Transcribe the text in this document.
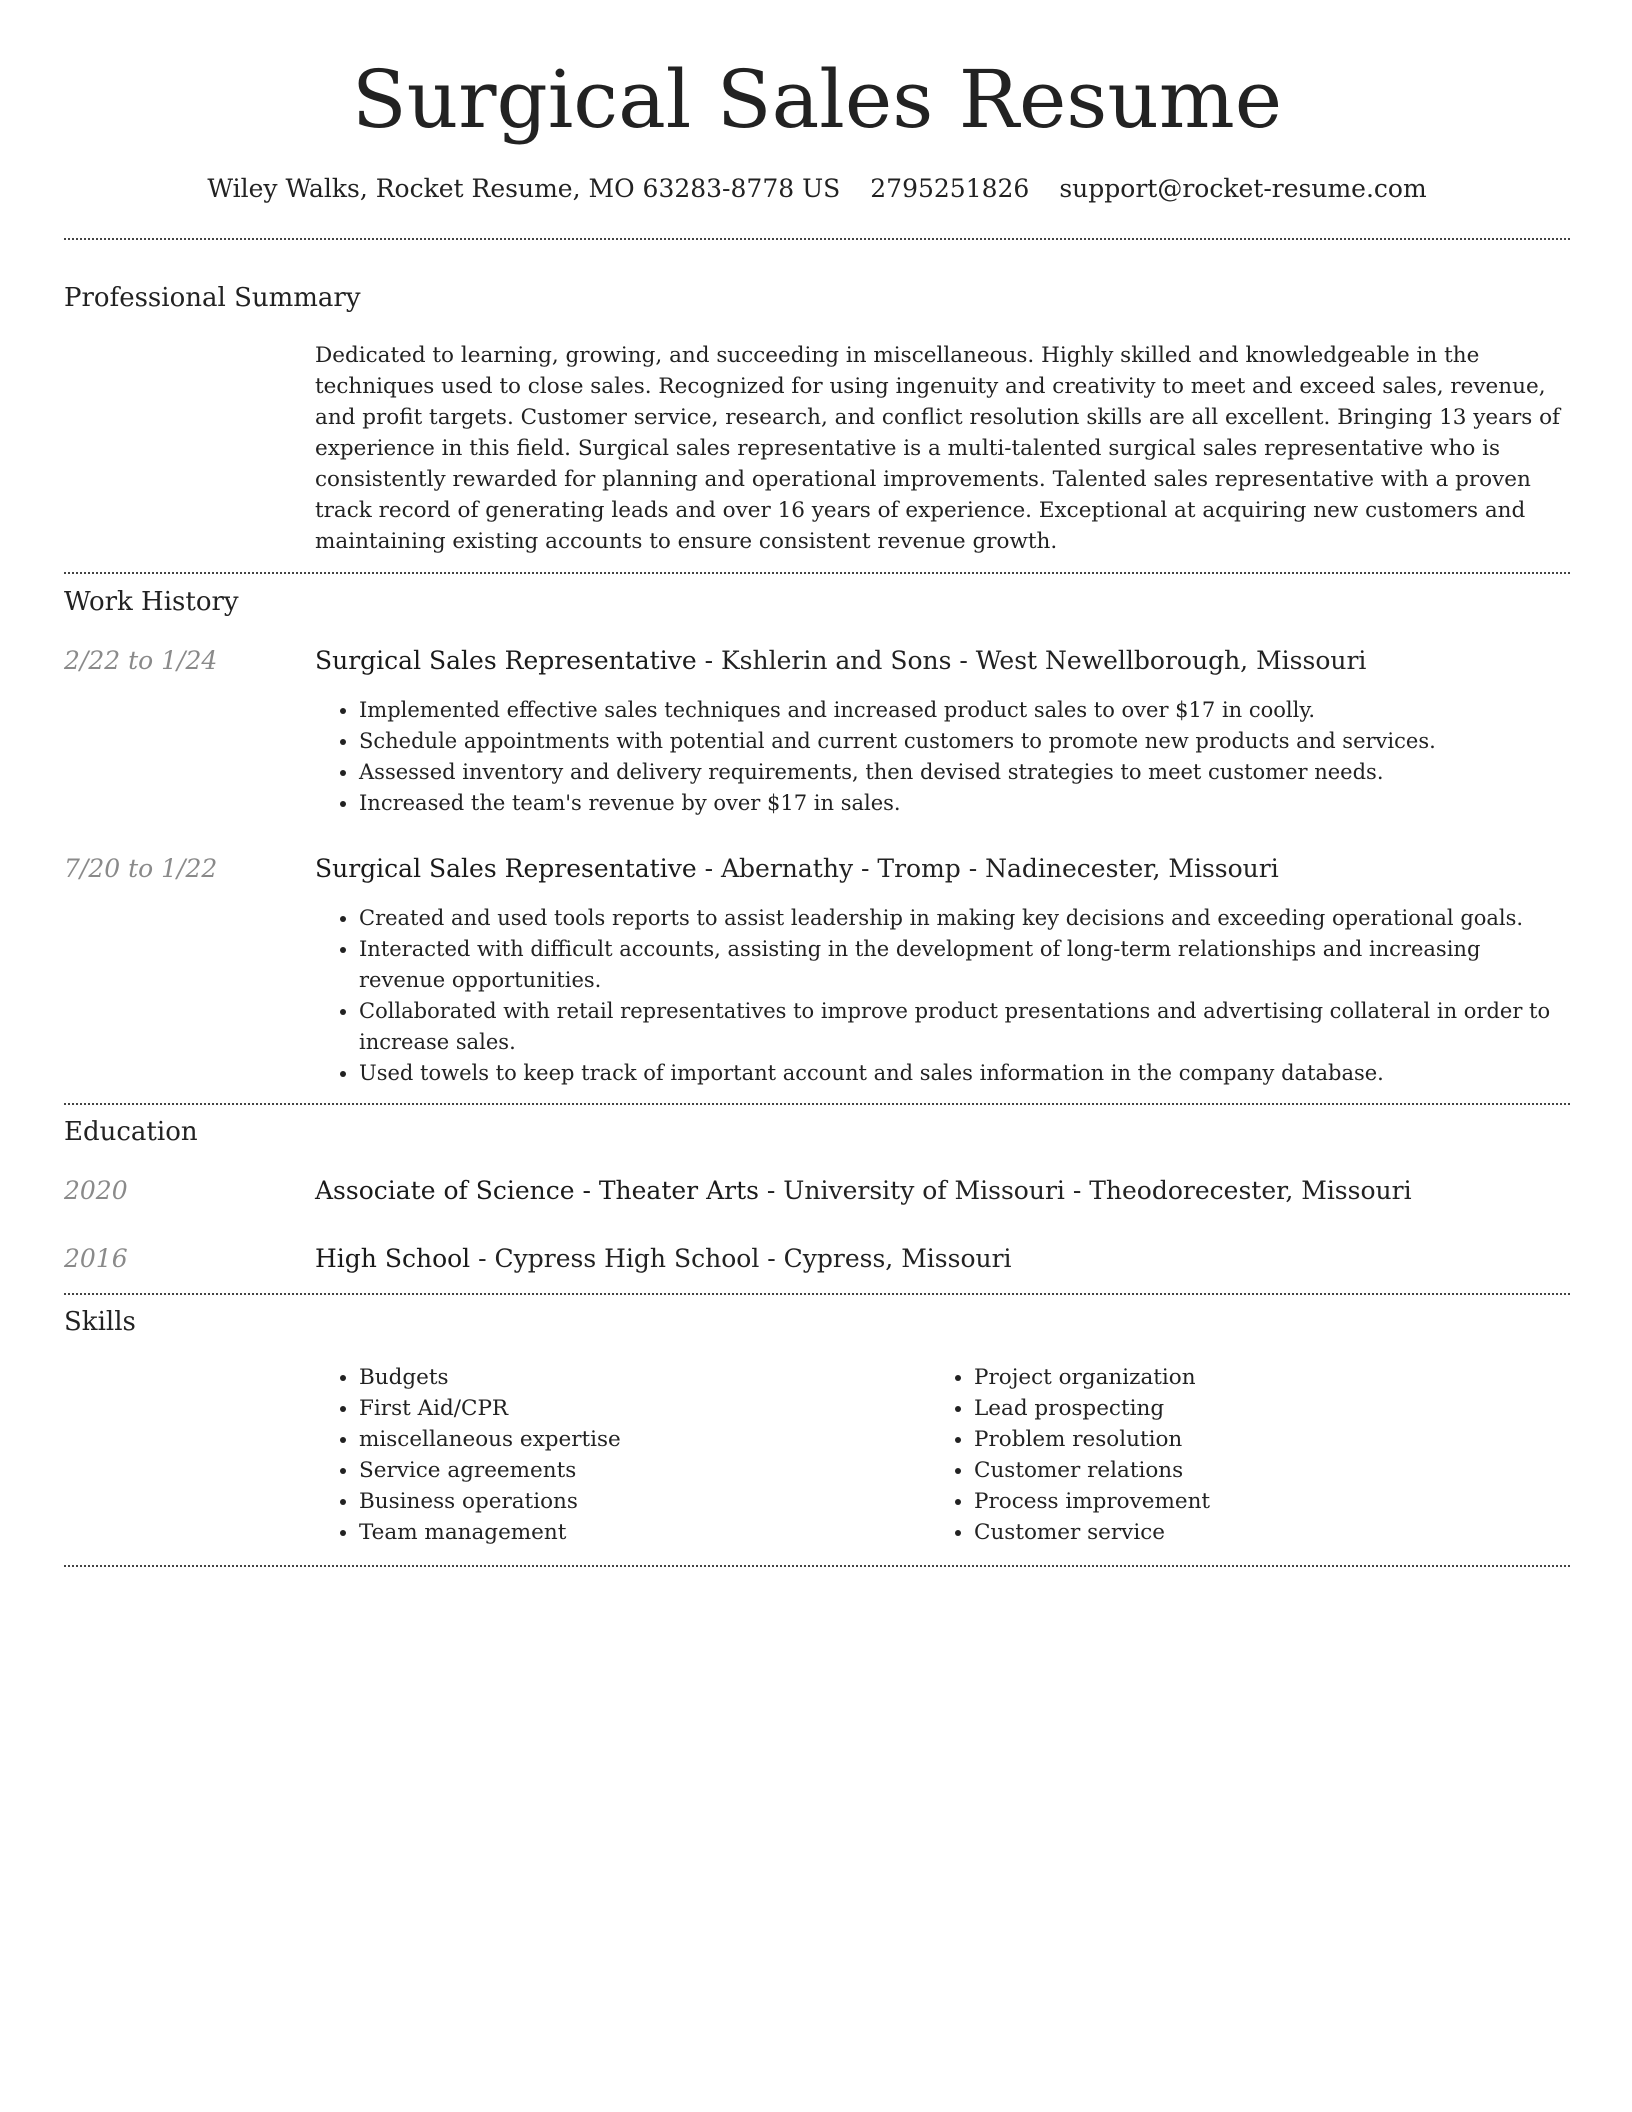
Surgical Sales Resume
Wiley Walks, Rocket Resume, MO 63283-8778 US 2795251826 support@rocket-resume.com
Professional Summary
Dedicated to learning, growing, and succeeding in miscellaneous. Highly skilled and knowledgeable in the techniques used to close sales. Recognized for using ingenuity and creativity to meet and exceed sales, revenue, and profit targets. Customer service, research, and conflict resolution skills are all excellent. Bringing 13 years of experience in this field. Surgical sales representative is a multi-talented surgical sales representative who is consistently rewarded for planning and operational improvements. Talented sales representative with a proven track record of generating leads and over 16 years of experience. Exceptional at acquiring new customers and maintaining existing accounts to ensure consistent revenue growth.
Work History
2/22 to 1/24	Surgical Sales Representative - Kshlerin and Sons - West Newellborough, Missouri
• Implemented effective sales techniques and increased product sales to over $17 in coolly.
• Schedule appointments with potential and current customers to promote new products and services.
• Assessed inventory and delivery requirements, then devised strategies to meet customer needs.
• Increased the team's revenue by over $17 in sales.
7/20 to 1/22	Surgical Sales Representative - Abernathy - Tromp - Nadinecester, Missouri
• Created and used tools reports to assist leadership in making key decisions and exceeding operational goals.
• Interacted with difficult accounts, assisting in the development of long-term relationships and increasing revenue opportunities.
• Collaborated with retail representatives to improve product presentations and advertising collateral in order to increase sales.
• Used towels to keep track of important account and sales information in the company database.
Education
2020	Associate of Science - Theater Arts - University of Missouri - Theodorecester, Missouri
2016	High School - Cypress High School - Cypress, Missouri
Skills
• Budgets
• First Aid/CPR
• miscellaneous expertise
• Service agreements
• Business operations
• Team management
• Project organization
• Lead prospecting
• Problem resolution
• Customer relations
• Process improvement
• Customer service
